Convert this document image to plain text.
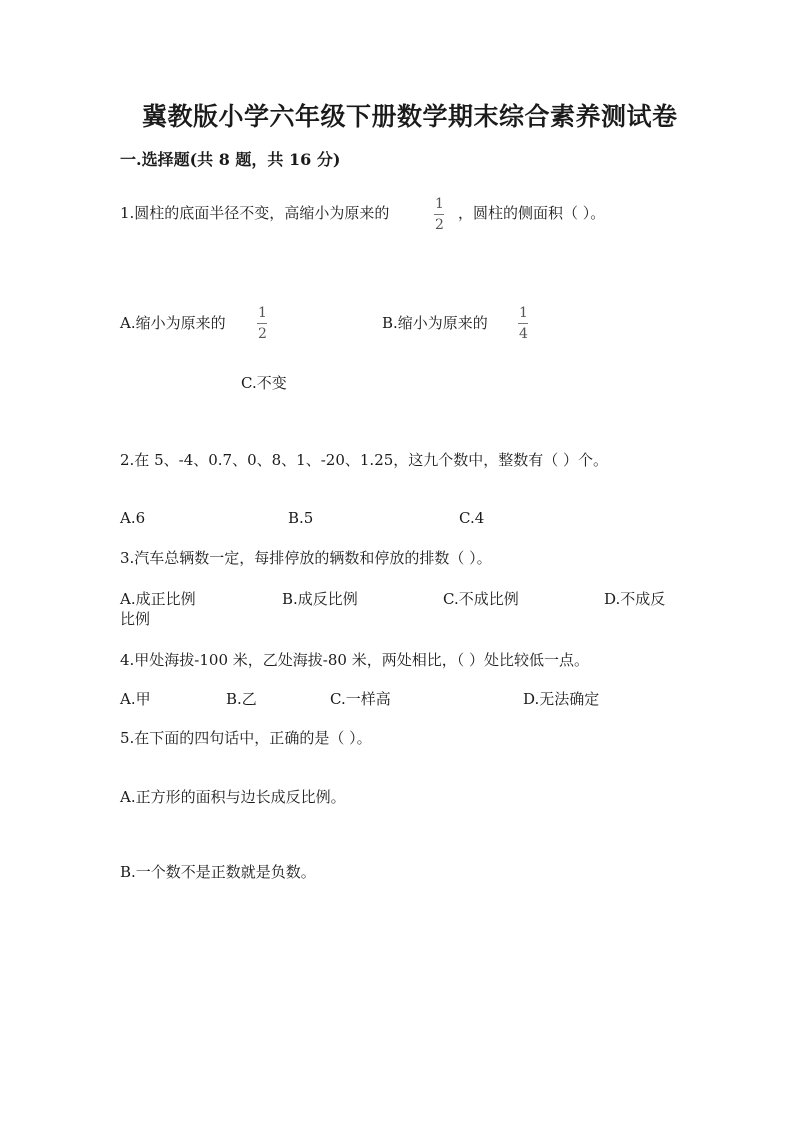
冀教版小学六年级下册数学期末综合素养测试卷
一.选择题(共 8 题，共 16 分)
1.圆柱的底面半径不变，高缩小为原来的	1
2
，圆柱的侧面积（ ）。
A.缩小为原来的
1
2
B.缩小为原来的
1
4
C.不变
2.在 5、-4、0.7、0、8、1、-20、1.25，这九个数中，整数有（ ）个。
A.6	B.5	C.4
3.汽车总辆数一定，每排停放的辆数和停放的排数（ ）。
A.成正比例	B.成反比例	C.不成比例	D.不成反
比例
4.甲处海拔-100 米，乙处海拔-80 米，两处相比，（ ）处比较低一点。
A.甲	B.乙	C.一样高	D.无法确定
5.在下面的四句话中，正确的是（ ）。
A.正方形的面积与边长成反比例。
B.一个数不是正数就是负数。
